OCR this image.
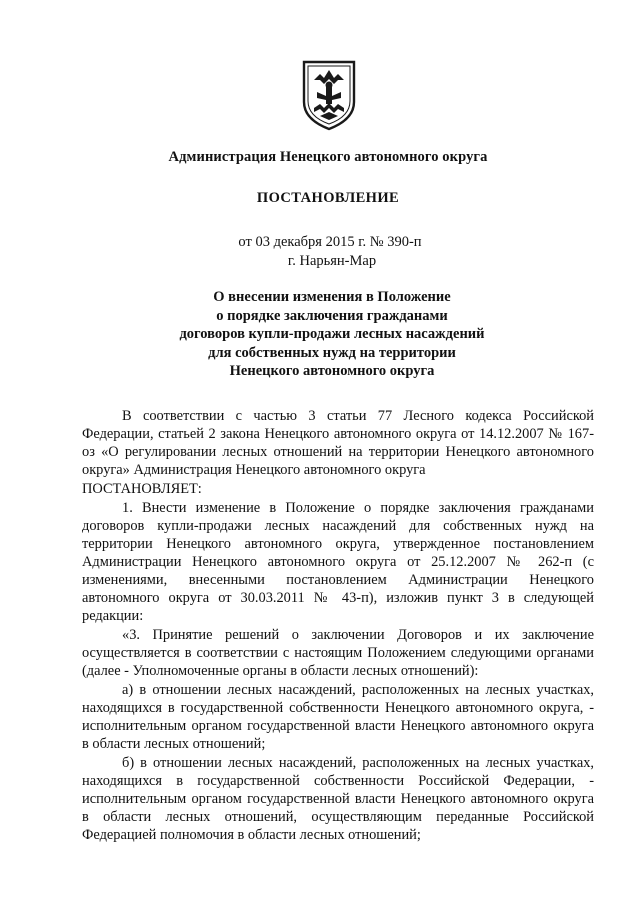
Администрация Ненецкого автономного округа
ПОСТАНОВЛЕНИЕ
от 03 декабря 2015 г. № 390-п
г. Нарьян-Мар
О внесении изменения в Положение
о порядке заключения гражданами
договоров купли-продажи лесных насаждений
для собственных нужд на территории
Ненецкого автономного округа

В соответствии с частью 3 статьи 77 Лесного кодекса Российской Федерации, статьей 2 закона Ненецкого автономного округа от 14.12.2007 № 167-оз «О регулировании лесных отношений на территории Ненецкого автономного округа» Администрация Ненецкого автономного округа

ПОСТАНОВЛЯЕТ:

1. Внести изменение в Положение о порядке заключения гражданами договоров купли-продажи лесных насаждений для собственных нужд на территории Ненецкого автономного округа, утвержденное постановлением Администрации Ненецкого автономного округа от 25.12.2007 № 262-п (с изменениями, внесенными постановлением Администрации Ненецкого автономного округа от 30.03.2011 № 43-п), изложив пункт 3 в следующей редакции:

«3. Принятие решений о заключении Договоров и их заключение осуществляется в соответствии с настоящим Положением следующими органами (далее - Уполномоченные органы в области лесных отношений):

а) в отношении лесных насаждений, расположенных на лесных участках, находящихся в государственной собственности Ненецкого автономного округа, - исполнительным органом государственной власти Ненецкого автономного округа в области лесных отношений;

б) в отношении лесных насаждений, расположенных на лесных участках, находящихся в государственной собственности Российской Федерации, - исполнительным органом государственной власти Ненецкого автономного округа в области лесных отношений, осуществляющим переданные Российской Федерацией полномочия в области лесных отношений;
